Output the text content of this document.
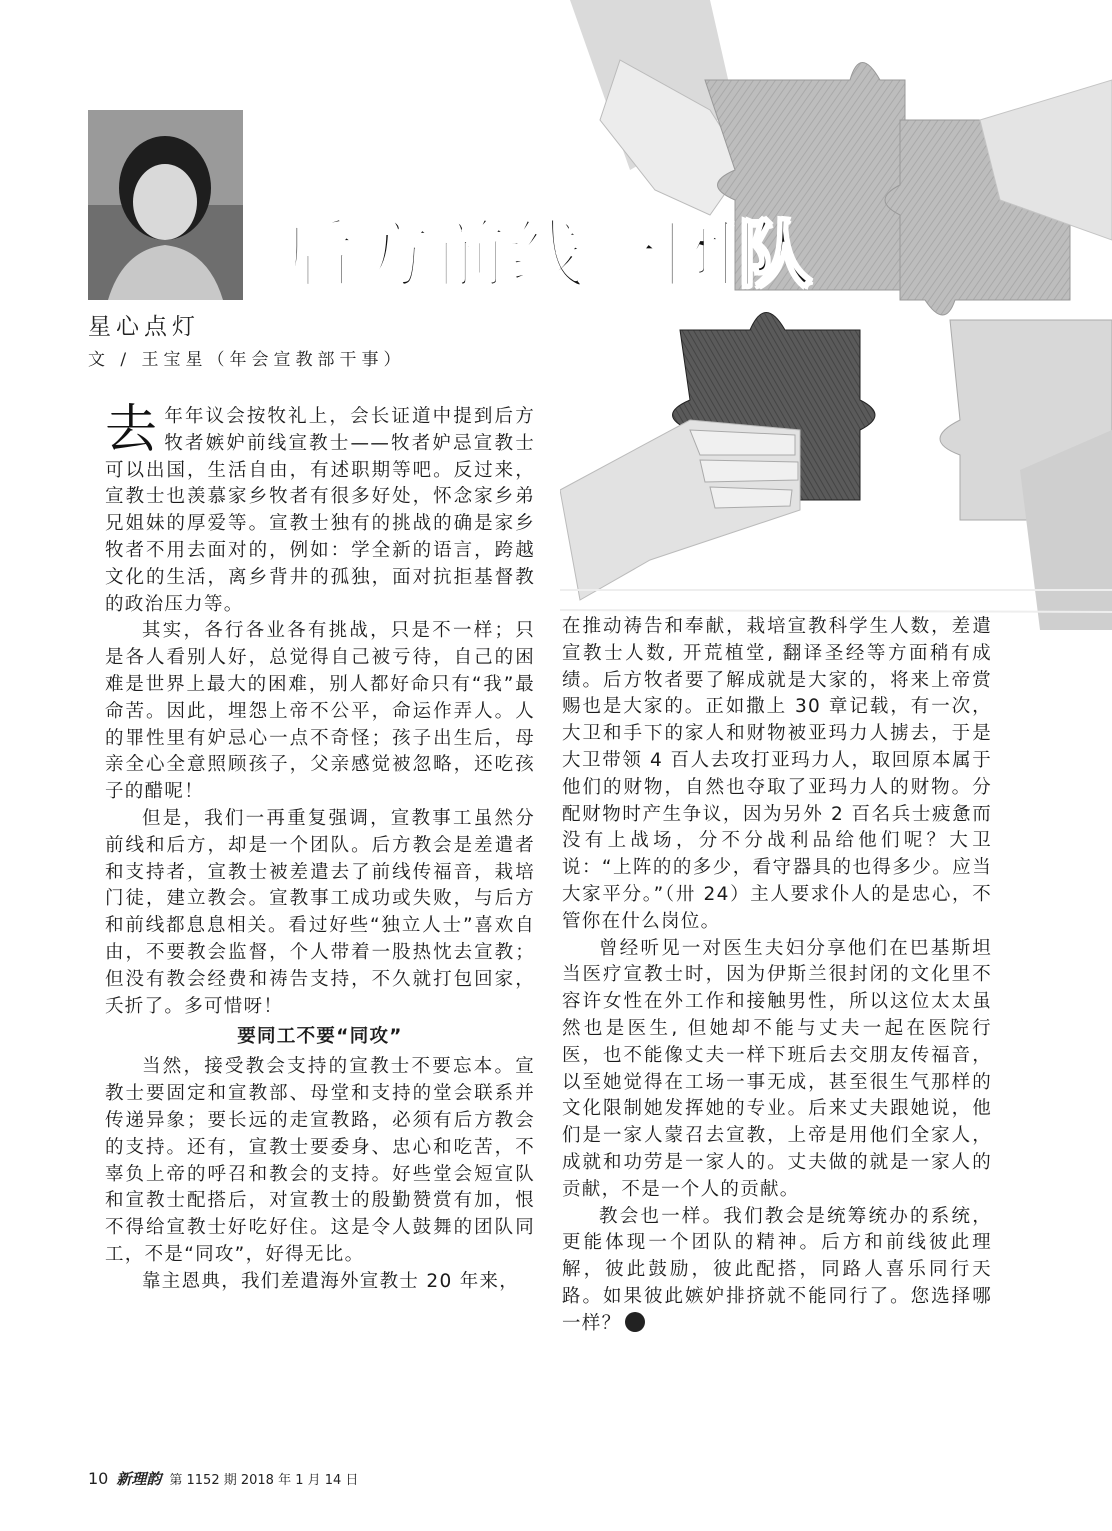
后方前线一团队
星心点灯
文 / 王宝星（年会宣教部干事）

去年年议会按牧礼上，会长证道中提到后方牧者嫉妒前线宣教士——牧者妒忌宣教士可以出国，生活自由，有述职期等吧。反过来，宣教士也羡慕家乡牧者有很多好处，怀念家乡弟兄姐妹的厚爱等。宣教士独有的挑战的确是家乡牧者不用去面对的，例如：学全新的语言，跨越文化的生活，离乡背井的孤独，面对抗拒基督教的政治压力等。

其实，各行各业各有挑战，只是不一样；只是各人看别人好，总觉得自己被亏待，自己的困难是世界上最大的困难，别人都好命只有“我”最命苦。因此，埋怨上帝不公平，命运作弄人。人的罪性里有妒忌心一点不奇怪；孩子出生后，母亲全心全意照顾孩子，父亲感觉被忽略，还吃孩子的醋呢！

但是，我们一再重复强调，宣教事工虽然分前线和后方，却是一个团队。后方教会是差遣者和支持者，宣教士被差遣去了前线传福音，栽培门徒，建立教会。宣教事工成功或失败，与后方和前线都息息相关。看过好些“独立人士”喜欢自由，不要教会监督，个人带着一股热忱去宣教；但没有教会经费和祷告支持，不久就打包回家，夭折了。多可惜呀！

要同工不要“同攻”

当然，接受教会支持的宣教士不要忘本。宣教士要固定和宣教部、母堂和支持的堂会联系并传递异象；要长远的走宣教路，必须有后方教会的支持。还有，宣教士要委身、忠心和吃苦，不辜负上帝的呼召和教会的支持。好些堂会短宣队和宣教士配搭后，对宣教士的殷勤赞赏有加，恨不得给宣教士好吃好住。这是令人鼓舞的团队同工，不是“同攻”，好得无比。

靠主恩典，我们差遣海外宣教士 20 年来，

在推动祷告和奉献，栽培宣教科学生人数，差遣宣教士人数, 开荒植堂, 翻译圣经等方面稍有成绩。后方牧者要了解成就是大家的，将来上帝赏赐也是大家的。正如撒上 30 章记载，有一次，大卫和手下的家人和财物被亚玛力人掳去，于是大卫带领 4 百人去攻打亚玛力人，取回原本属于他们的财物，自然也夺取了亚玛力人的财物。分配财物时产生争议，因为另外 2 百名兵士疲惫而没有上战场，分不分战利品给他们呢？大卫说：“上阵的的多少，看守器具的也得多少。应当大家平分。”（卅 24）主人要求仆人的是忠心，不管你在什么岗位。

曾经听见一对医生夫妇分享他们在巴基斯坦当医疗宣教士时，因为伊斯兰很封闭的文化里不容许女性在外工作和接触男性，所以这位太太虽然也是医生, 但她却不能与丈夫一起在医院行医，也不能像丈夫一样下班后去交朋友传福音，以至她觉得在工场一事无成，甚至很生气那样的文化限制她发挥她的专业。后来丈夫跟她说，他们是一家人蒙召去宣教，上帝是用他们全家人，成就和功劳是一家人的。丈夫做的就是一家人的贡献，不是一个人的贡献。

教会也一样。我们教会是统筹统办的系统，更能体现一个团队的精神。后方和前线彼此理解，彼此鼓励，彼此配搭，同路人喜乐同行天路。如果彼此嫉妒排挤就不能同行了。您选择哪一样？

10 新理韵 第 1152 期 2018 年 1 月 14 日
